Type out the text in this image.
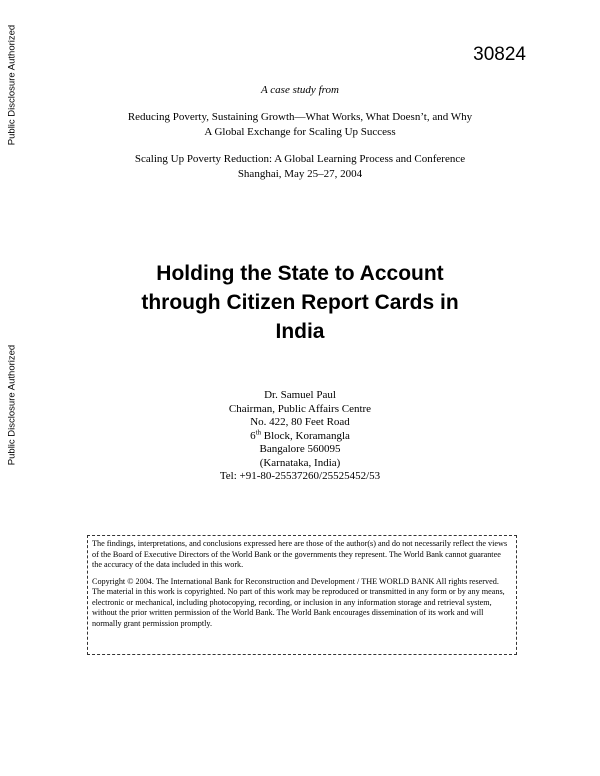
Public Disclosure Authorized
Public Disclosure Authorized
30824
A case study from
Reducing Poverty, Sustaining Growth—What Works, What Doesn’t, and Why
A Global Exchange for Scaling Up Success
Scaling Up Poverty Reduction: A Global Learning Process and Conference
Shanghai, May 25–27, 2004
Holding the State to Account
through Citizen Report Cards in
India
Dr. Samuel Paul
Chairman, Public Affairs Centre
No. 422, 80 Feet Road
6th Block, Koramangla
Bangalore 560095
(Karnataka, India)
Tel: +91-80-25537260/25525452/53

The findings, interpretations, and conclusions expressed here are those of the author(s) and do not necessarily reflect the views of the Board of Executive Directors of the World Bank or the governments they represent. The World Bank cannot guarantee the accuracy of the data included in this work.

Copyright © 2004. The International Bank for Reconstruction and Development / THE WORLD BANK All rights reserved. The material in this work is copyrighted. No part of this work may be reproduced or transmitted in any form or by any means, electronic or mechanical, including photocopying, recording, or inclusion in any information storage and retrieval system, without the prior written permission of the World Bank. The World Bank encourages dissemination of its work and will normally grant permission promptly.
